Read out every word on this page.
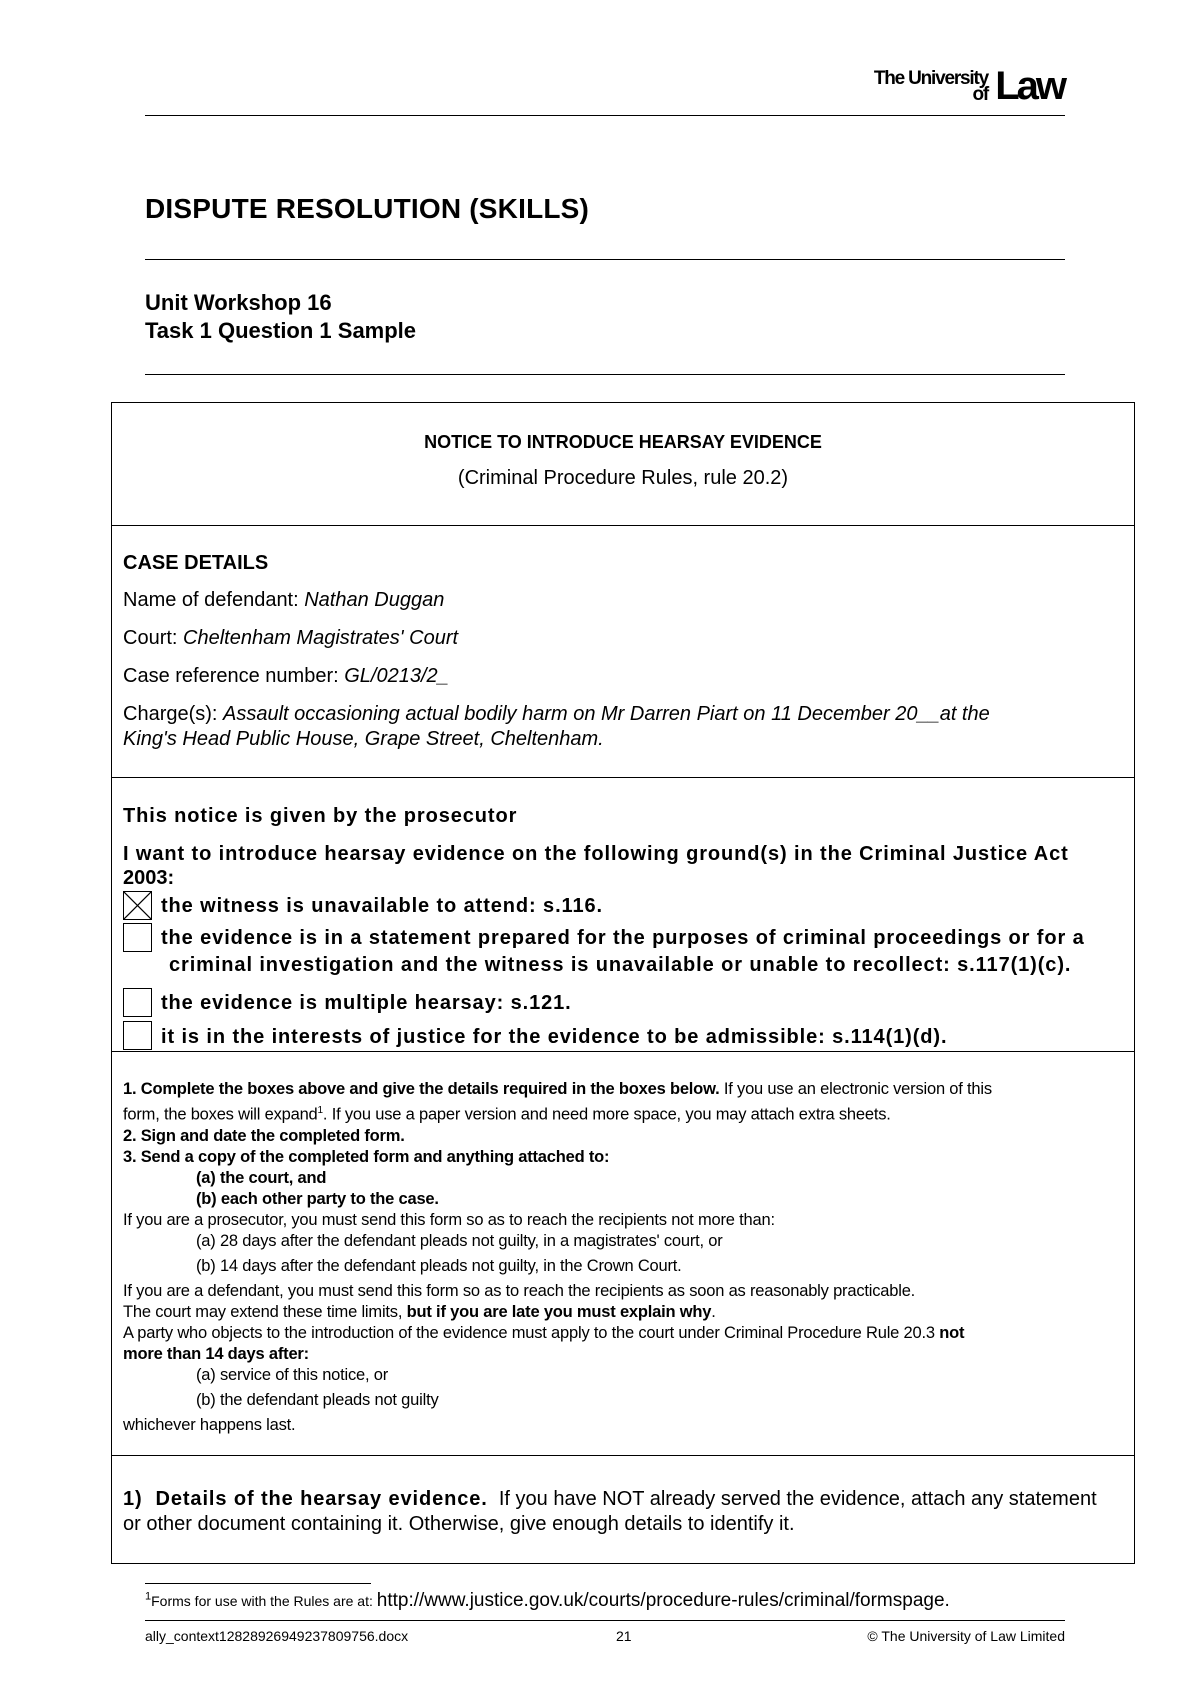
The University
of Law
DISPUTE RESOLUTION (SKILLS)
Unit Workshop 16
Task 1 Question 1 Sample
NOTICE TO INTRODUCE HEARSAY EVIDENCE
(Criminal Procedure Rules, rule 20.2)
CASE DETAILS
Name of defendant: Nathan Duggan
Court: Cheltenham Magistrates' Court
Case reference number: GL/0213/2_
Charge(s): Assault occasioning actual bodily harm on Mr Darren Piart on 11 December 20__at the
King's Head Public House, Grape Street, Cheltenham.
This notice is given by the prosecutor
I want to introduce hearsay evidence on the following ground(s) in the Criminal Justice Act
2003:
the witness is unavailable to attend: s.116.
the evidence is in a statement prepared for the purposes of criminal proceedings or for a
criminal investigation and the witness is unavailable or unable to recollect: s.117(1)(c).
the evidence is multiple hearsay: s.121.
it is in the interests of justice for the evidence to be admissible: s.114(1)(d).
1. Complete the boxes above and give the details required in the boxes below. If you use an electronic version of this
form, the boxes will expand$^1$. If you use a paper version and need more space, you may attach extra sheets.
2. Sign and date the completed form.
3. Send a copy of the completed form and anything attached to:
(a) the court, and
(b) each other party to the case.
If you are a prosecutor, you must send this form so as to reach the recipients not more than:
(a) 28 days after the defendant pleads not guilty, in a magistrates' court, or
(b) 14 days after the defendant pleads not guilty, in the Crown Court.
If you are a defendant, you must send this form so as to reach the recipients as soon as reasonably practicable.
The court may extend these time limits, but if you are late you must explain why.
A party who objects to the introduction of the evidence must apply to the court under Criminal Procedure Rule 20.3 not
more than 14 days after:
(a) service of this notice, or
(b) the defendant pleads not guilty
whichever happens last.
1)  Details of the hearsay evidence.  If you have NOT already served the evidence, attach any statement
or other document containing it. Otherwise, give enough details to identify it.
$^1$Forms for use with the Rules are at: http://www.justice.gov.uk/courts/procedure-rules/criminal/formspage.
ally_context12828926949237809756.docx	21	© The University of Law Limited
